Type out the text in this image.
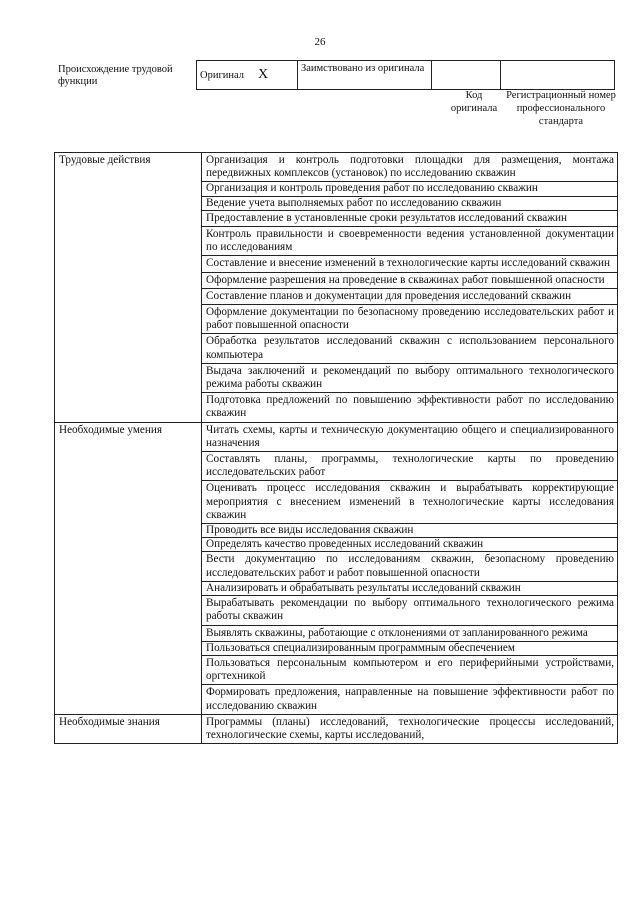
26
Происхождение трудовой функции
Оригинал X	Заимствовано из оригинала		
Код оригинала
Регистрационный номер профессионального стандарта
Трудовые действия	Организация и контроль подготовки площадки для размещения, монтажа передвижных комплексов (установок) по исследованию скважин
	Организация и контроль проведения работ по исследованию скважин
	Ведение учета выполняемых работ по исследованию скважин
	Предоставление в установленные сроки результатов исследований скважин
	Контроль правильности и своевременности ведения установленной документации по исследованиям
	Составление и внесение изменений в технологические карты исследований скважин
	Оформление разрешения на проведение в скважинах работ повышенной опасности
	Составление планов и документации для проведения исследований скважин
	Оформление документации по безопасному проведению исследовательских работ и работ повышенной опасности
	Обработка результатов исследований скважин с использованием персонального компьютера
	Выдача заключений и рекомендаций по выбору оптимального технологического режима работы скважин
	Подготовка предложений по повышению эффективности работ по исследованию скважин
Необходимые умения	Читать схемы, карты и техническую документацию общего и специализированного назначения
	Составлять планы, программы, технологические карты по проведению исследовательских работ
	Оценивать процесс исследования скважин и вырабатывать корректирующие мероприятия с внесением изменений в технологические карты исследования скважин
	Проводить все виды исследования скважин
	Определять качество проведенных исследований скважин
	Вести документацию по исследованиям скважин, безопасному проведению исследовательских работ и работ повышенной опасности
	Анализировать и обрабатывать результаты исследований скважин
	Вырабатывать рекомендации по выбору оптимального технологического режима работы скважин
	Выявлять скважины, работающие с отклонениями от запланированного режима
	Пользоваться специализированным программным обеспечением
	Пользоваться персональным компьютером и его периферийными устройствами, оргтехникой
	Формировать предложения, направленные на повышение эффективности работ по исследованию скважин
Необходимые знания	Программы (планы) исследований, технологические процессы исследований, технологические схемы, карты исследований,
